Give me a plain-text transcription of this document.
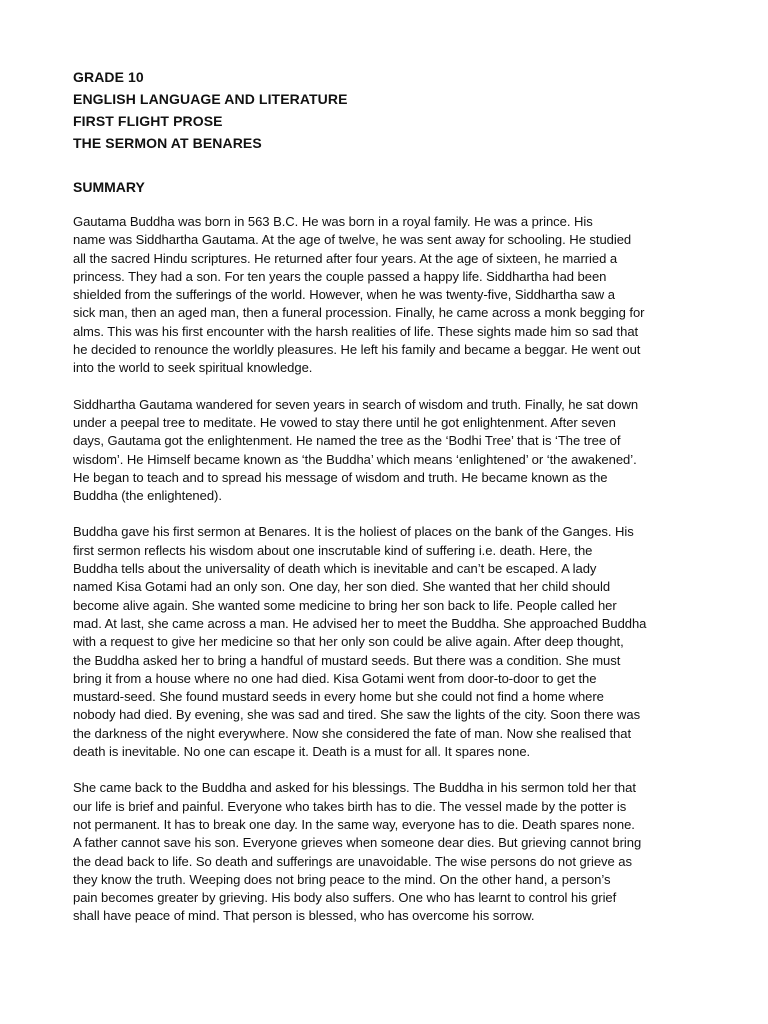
GRADE 10

ENGLISH LANGUAGE AND LITERATURE

FIRST FLIGHT PROSE

THE SERMON AT BENARES

SUMMARY

Gautama Buddha was born in 563 B.C. He was born in a royal family. He was a prince. His
name was Siddhartha Gautama. At the age of twelve, he was sent away for schooling. He studied
all the sacred Hindu scriptures. He returned after four years. At the age of sixteen, he married a
princess. They had a son. For ten years the couple passed a happy life. Siddhartha had been
shielded from the sufferings of the world. However, when he was twenty-five, Siddhartha saw a
sick man, then an aged man, then a funeral procession. Finally, he came across a monk begging for
alms. This was his first encounter with the harsh realities of life. These sights made him so sad that
he decided to renounce the worldly pleasures. He left his family and became a beggar. He went out
into the world to seek spiritual knowledge.

Siddhartha Gautama wandered for seven years in search of wisdom and truth. Finally, he sat down
under a peepal tree to meditate. He vowed to stay there until he got enlightenment. After seven
days, Gautama got the enlightenment. He named the tree as the ‘Bodhi Tree’ that is ‘The tree of
wisdom’. He Himself became known as ‘the Buddha’ which means ‘enlightened’ or ‘the awakened’.
He began to teach and to spread his message of wisdom and truth. He became known as the
Buddha (the enlightened).

Buddha gave his first sermon at Benares. It is the holiest of places on the bank of the Ganges. His
first sermon reflects his wisdom about one inscrutable kind of suffering i.e. death. Here, the
Buddha tells about the universality of death which is inevitable and can’t be escaped. A lady
named Kisa Gotami had an only son. One day, her son died. She wanted that her child should
become alive again. She wanted some medicine to bring her son back to life. People called her
mad. At last, she came across a man. He advised her to meet the Buddha. She approached Buddha
with a request to give her medicine so that her only son could be alive again. After deep thought,
the Buddha asked her to bring a handful of mustard seeds. But there was a condition. She must
bring it from a house where no one had died. Kisa Gotami went from door-to-door to get the
mustard-seed. She found mustard seeds in every home but she could not find a home where
nobody had died. By evening, she was sad and tired. She saw the lights of the city. Soon there was
the darkness of the night everywhere. Now she considered the fate of man. Now she realised that
death is inevitable. No one can escape it. Death is a must for all. It spares none.

She came back to the Buddha and asked for his blessings. The Buddha in his sermon told her that
our life is brief and painful. Everyone who takes birth has to die. The vessel made by the potter is
not permanent. It has to break one day. In the same way, everyone has to die. Death spares none.
A father cannot save his son. Everyone grieves when someone dear dies. But grieving cannot bring
the dead back to life. So death and sufferings are unavoidable. The wise persons do not grieve as
they know the truth. Weeping does not bring peace to the mind. On the other hand, a person’s
pain becomes greater by grieving. His body also suffers. One who has learnt to control his grief
shall have peace of mind. That person is blessed, who has overcome his sorrow.
